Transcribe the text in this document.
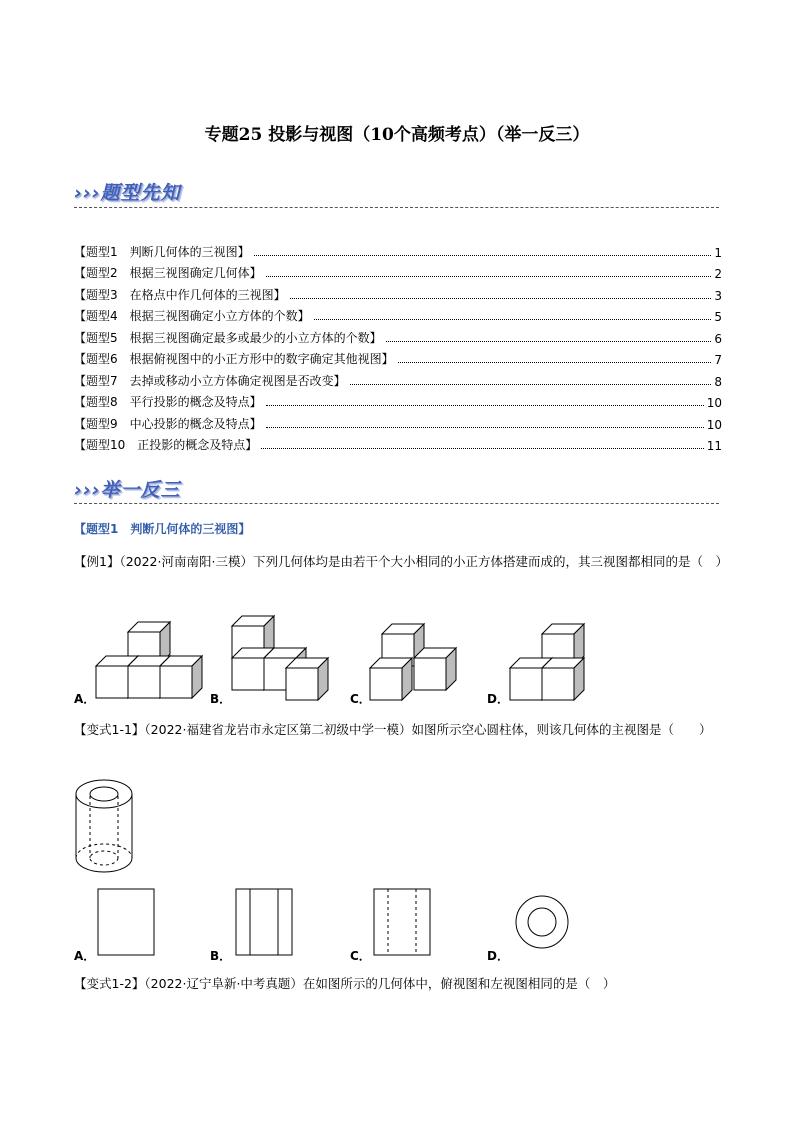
专题25 投影与视图（10个高频考点）（举一反三）
›››题型先知
【题型1　判断几何体的三视图】	1
【题型2　根据三视图确定几何体】	2
【题型3　在格点中作几何体的三视图】	3
【题型4　根据三视图确定小立方体的个数】	5
【题型5　根据三视图确定最多或最少的小立方体的个数】	6
【题型6　根据俯视图中的小正方形中的数字确定其他视图】	7
【题型7　去掉或移动小立方体确定视图是否改变】	8
【题型8　平行投影的概念及特点】	10
【题型9　中心投影的概念及特点】	10
【题型10　正投影的概念及特点】	11
›››举一反三
【题型1　判断几何体的三视图】
【例1】（2022·河南南阳·三模）下列几何体均是由若干个大小相同的小正方体搭建而成的，其三视图都相同的是（　）
A．	B．	C．	D．
【变式1-1】（2022·福建省龙岩市永定区第二初级中学一模）如图所示空心圆柱体，则该几何体的主视图是（　　）
A．	B．	C．	D．
【变式1-2】（2022·辽宁阜新·中考真题）在如图所示的几何体中，俯视图和左视图相同的是（　）
